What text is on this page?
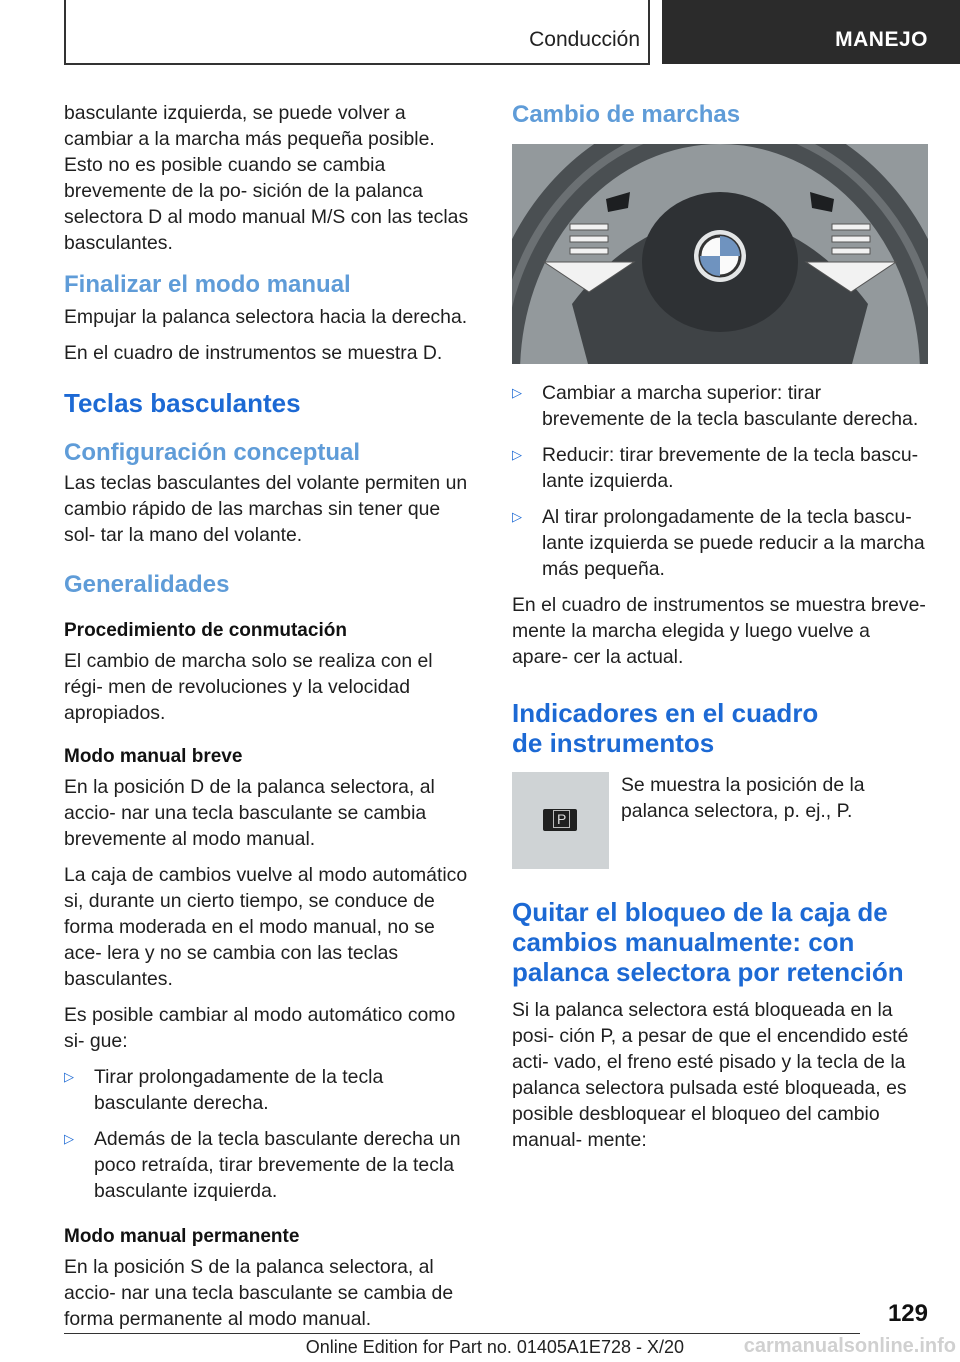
Conducción	MANEJO

basculante izquierda, se puede volver a cambiar a la marcha más pequeña posible. Esto no es posible cuando se cambia brevemente de la po- sición de la palanca selectora D al modo manual M/S con las teclas basculantes.

Finalizar el modo manual

Empujar la palanca selectora hacia la derecha.

En el cuadro de instrumentos se muestra D.

Teclas basculantes
Configuración conceptual

Las teclas basculantes del volante permiten un cambio rápido de las marchas sin tener que sol- tar la mano del volante.

Generalidades
Procedimiento de conmutación

El cambio de marcha solo se realiza con el régi- men de revoluciones y la velocidad apropiados.

Modo manual breve

En la posición D de la palanca selectora, al accio- nar una tecla basculante se cambia brevemente al modo manual.

La caja de cambios vuelve al modo automático si, durante un cierto tiempo, se conduce de forma moderada en el modo manual, no se ace- lera y no se cambia con las teclas basculantes.

Es posible cambiar al modo automático como si- gue:

▷ Tirar prolongadamente de la tecla basculante derecha.
▷ Además de la tecla basculante derecha un poco retraída, tirar brevemente de la tecla basculante izquierda.
Modo manual permanente

En la posición S de la palanca selectora, al accio- nar una tecla basculante se cambia de forma permanente al modo manual.

Cambio de marchas
▷ Cambiar a marcha superior: tirar brevemente de la tecla basculante derecha.
▷ Reducir: tirar brevemente de la tecla bascu- lante izquierda.
▷ Al tirar prolongadamente de la tecla bascu- lante izquierda se puede reducir a la marcha más pequeña.

En el cuadro de instrumentos se muestra breve- mente la marcha elegida y luego vuelve a apare- cer la actual.

Indicadores en el cuadro
de instrumentos
P

Se muestra la posición de la palanca selectora, p. ej., P.

Quitar el bloqueo de la caja de
cambios manualmente: con
palanca selectora por retención

Si la palanca selectora está bloqueada en la posi- ción P, a pesar de que el encendido esté acti- vado, el freno esté pisado y la tecla de la palanca selectora pulsada esté bloqueada, es posible desbloquear el bloqueo del cambio manual- mente:

129
Online Edition for Part no. 01405A1E728 - X/20	carmanualsonline.info
